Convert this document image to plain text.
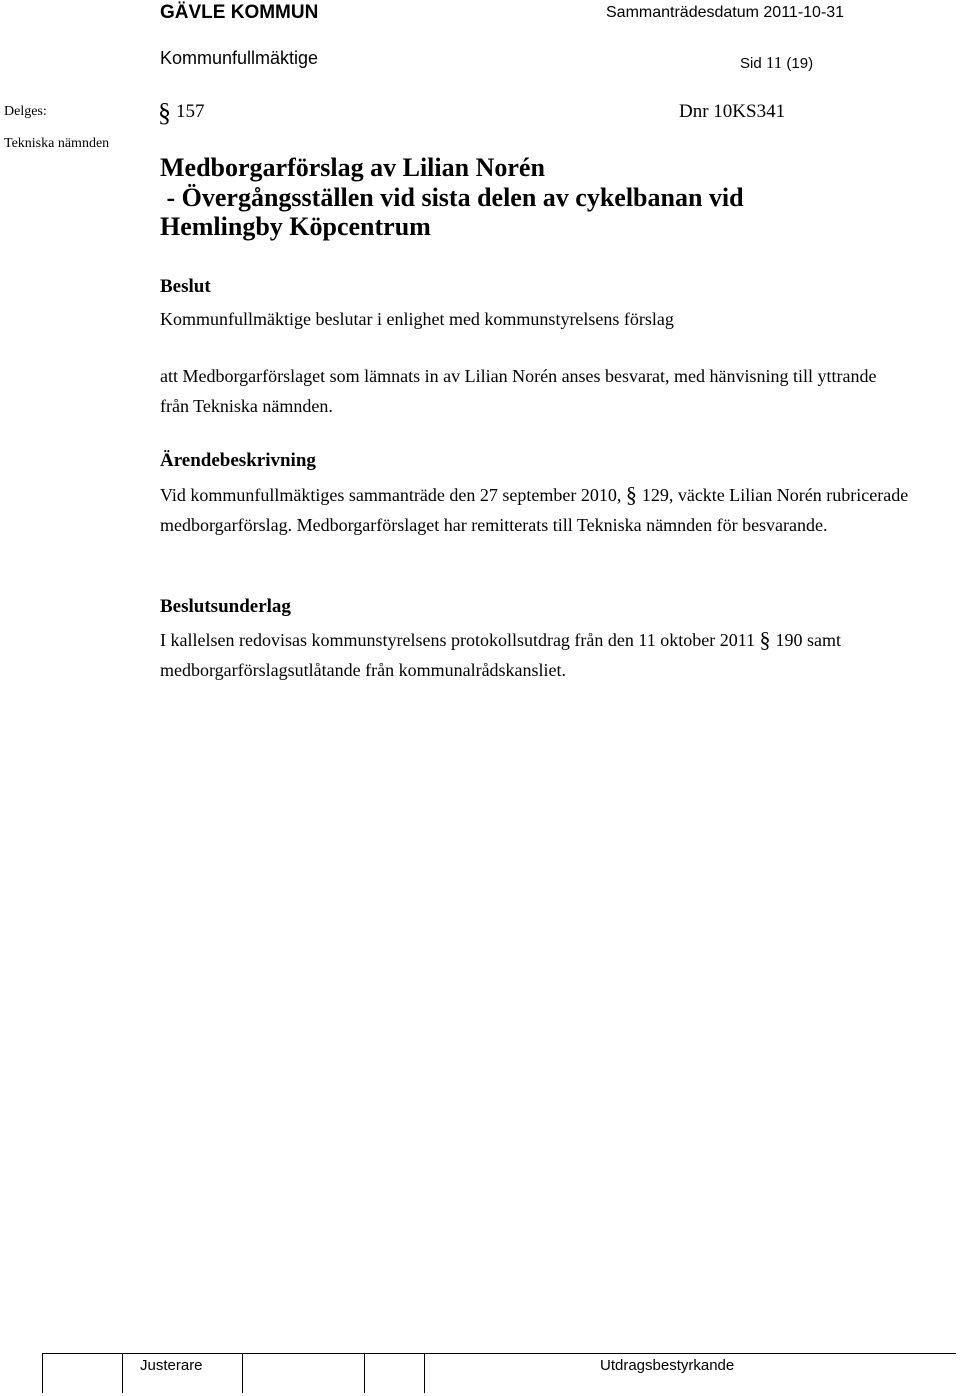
GÄVLE KOMMUN	Sammanträdesdatum 2011-10-31
Kommunfullmäktige	Sid 11 (19)
Delges:
Tekniska nämnden
§ 157	Dnr 10KS341
Medborgarförslag av Lilian Norén
- Övergångsställen vid sista delen av cykelbanan vid
Hemlingby Köpcentrum
Beslut
Kommunfullmäktige beslutar i enlighet med kommunstyrelsens förslag
att Medborgarförslaget som lämnats in av Lilian Norén anses besvarat, med hänvisning till yttrande från Tekniska nämnden.
Ärendebeskrivning
Vid kommunfullmäktiges sammanträde den 27 september 2010, § 129, väckte Lilian Norén rubricerade medborgarförslag. Medborgarförslaget har remitterats till Tekniska nämnden för besvarande.
Beslutsunderlag
I kallelsen redovisas kommunstyrelsens protokollsutdrag från den 11 oktober 2011 § 190 samt medborgarförslagsutlåtande från kommunalrådskansliet.
Justerare	Utdragsbestyrkande
